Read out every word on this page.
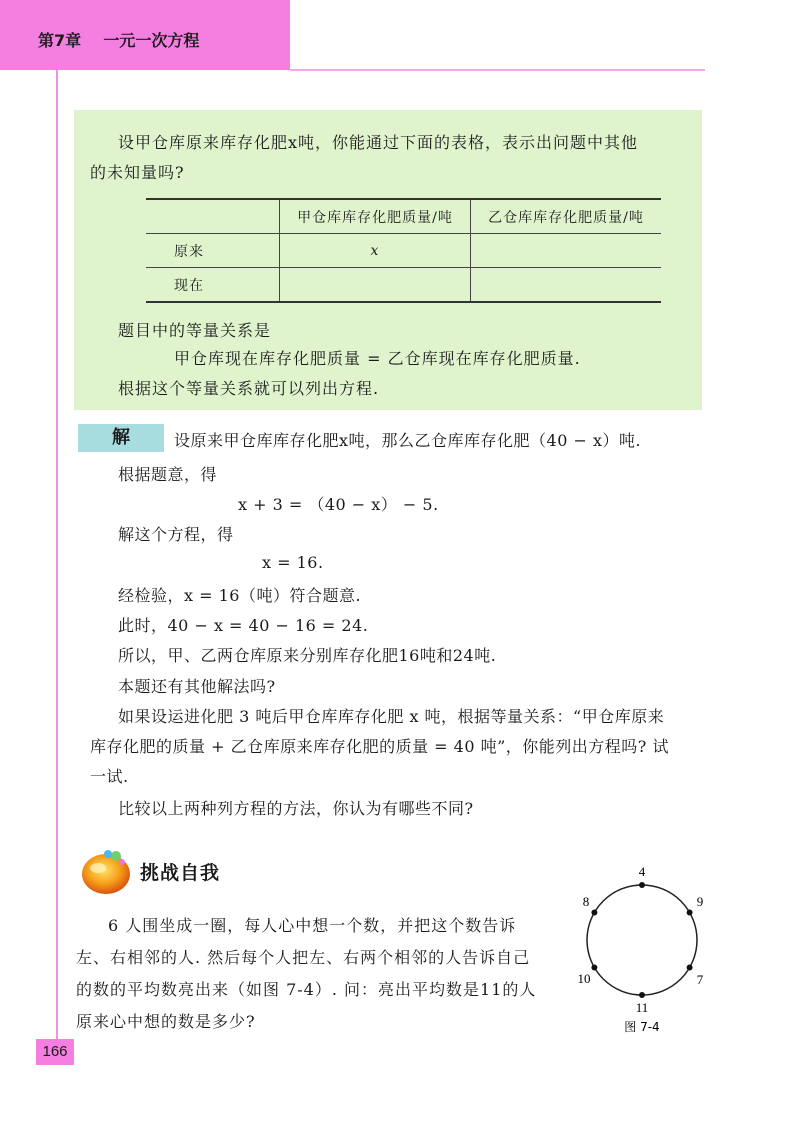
第7章    一元一次方程
设甲仓库原来库存化肥x吨，你能通过下面的表格，表示出问题中其他
的未知量吗?
	甲仓库库存化肥质量/吨	乙仓库库存化肥质量/吨
原来	x	
现在		
题目中的等量关系是
甲仓库现在库存化肥质量 = 乙仓库现在库存化肥质量.
根据这个等量关系就可以列出方程.
解	设原来甲仓库库存化肥x吨，那么乙仓库库存化肥（40 − x）吨.
根据题意，得
x + 3 = （40 − x） − 5.
解这个方程，得
x = 16.
经检验，x = 16（吨）符合题意.
此时，40 − x = 40 − 16 = 24.
所以，甲、乙两仓库原来分别库存化肥16吨和24吨.
本题还有其他解法吗?
如果设运进化肥 3 吨后甲仓库库存化肥 x 吨，根据等量关系：“甲仓库原来
库存化肥的质量 + 乙仓库原来库存化肥的质量 = 40 吨”，你能列出方程吗? 试
一试.
比较以上两种列方程的方法，你认为有哪些不同?
挑战自我
6 人围坐成一圈，每人心中想一个数，并把这个数告诉左、右相邻的人. 然后每个人把左、右两个相邻的人告诉自己的数的平均数亮出来（如图 7-4）. 问：亮出平均数是11的人原来心中想的数是多少?
4
9
7
11
10
8
图 7-4
166
